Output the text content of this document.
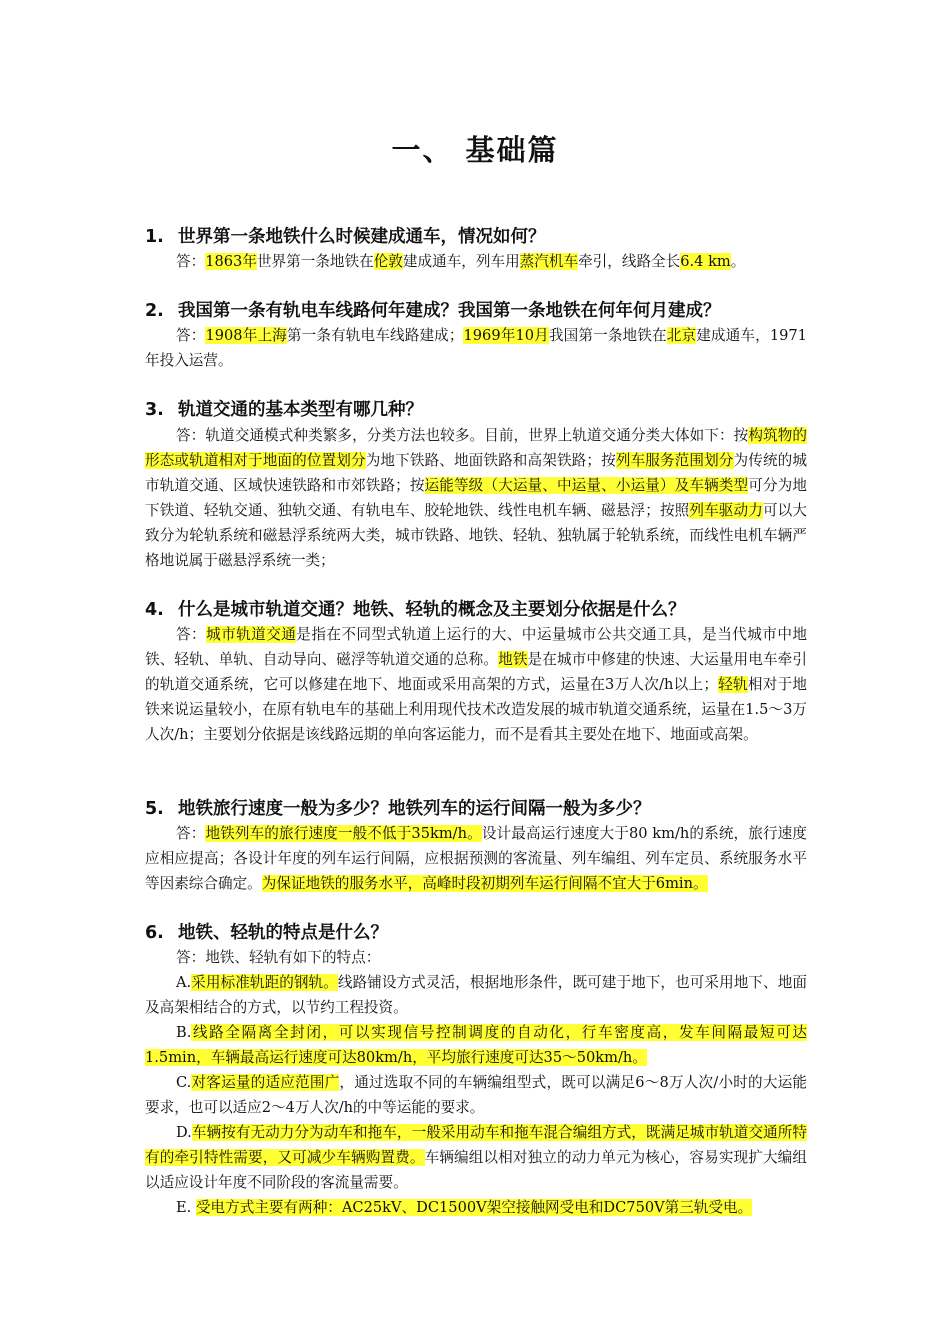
一、 基础篇
1. 世界第一条地铁什么时候建成通车，情况如何？
答：1863年世界第一条地铁在伦敦建成通车，列车用蒸汽机车牵引，线路全长6.4 km。
2. 我国第一条有轨电车线路何年建成？我国第一条地铁在何年何月建成？
答：1908年上海第一条有轨电车线路建成；1969年10月我国第一条地铁在北京建成通车，1971年投入运营。
3. 轨道交通的基本类型有哪几种？
答：轨道交通模式种类繁多，分类方法也较多。目前，世界上轨道交通分类大体如下：按构筑物的形态或轨道相对于地面的位置划分为地下铁路、地面铁路和高架铁路；按列车服务范围划分为传统的城市轨道交通、区域快速铁路和市郊铁路；按运能等级（大运量、中运量、小运量）及车辆类型可分为地下铁道、轻轨交通、独轨交通、有轨电车、胶轮地铁、线性电机车辆、磁悬浮；按照列车驱动力可以大致分为轮轨系统和磁悬浮系统两大类，城市铁路、地铁、轻轨、独轨属于轮轨系统，而线性电机车辆严格地说属于磁悬浮系统一类；
4. 什么是城市轨道交通？地铁、轻轨的概念及主要划分依据是什么？
答：城市轨道交通是指在不同型式轨道上运行的大、中运量城市公共交通工具，是当代城市中地铁、轻轨、单轨、自动导向、磁浮等轨道交通的总称。地铁是在城市中修建的快速、大运量用电车牵引的轨道交通系统，它可以修建在地下、地面或采用高架的方式，运量在3万人次/h以上；轻轨相对于地铁来说运量较小，在原有轨电车的基础上利用现代技术改造发展的城市轨道交通系统，运量在1.5～3万人次/h；主要划分依据是该线路远期的单向客运能力，而不是看其主要处在地下、地面或高架。
5. 地铁旅行速度一般为多少？地铁列车的运行间隔一般为多少？
答：地铁列车的旅行速度一般不低于35km/h。设计最高运行速度大于80 km/h的系统，旅行速度应相应提高；各设计年度的列车运行间隔，应根据预测的客流量、列车编组、列车定员、系统服务水平等因素综合确定。为保证地铁的服务水平，高峰时段初期列车运行间隔不宜大于6min。
6. 地铁、轻轨的特点是什么？
答：地铁、轻轨有如下的特点：
A.采用标准轨距的钢轨。线路铺设方式灵活，根据地形条件，既可建于地下，也可采用地下、地面及高架相结合的方式，以节约工程投资。
B.线路全隔离全封闭，可以实现信号控制调度的自动化，行车密度高，发车间隔最短可达1.5min，车辆最高运行速度可达80km/h，平均旅行速度可达35～50km/h。
C.对客运量的适应范围广，通过选取不同的车辆编组型式，既可以满足6～8万人次/小时的大运能要求，也可以适应2～4万人次/h的中等运能的要求。
D.车辆按有无动力分为动车和拖车，一般采用动车和拖车混合编组方式，既满足城市轨道交通所特有的牵引特性需要，又可减少车辆购置费。车辆编组以相对独立的动力单元为核心，容易实现扩大编组以适应设计年度不同阶段的客流量需要。
E. 受电方式主要有两种：AC25kV、DC1500V架空接触网受电和DC750V第三轨受电。
